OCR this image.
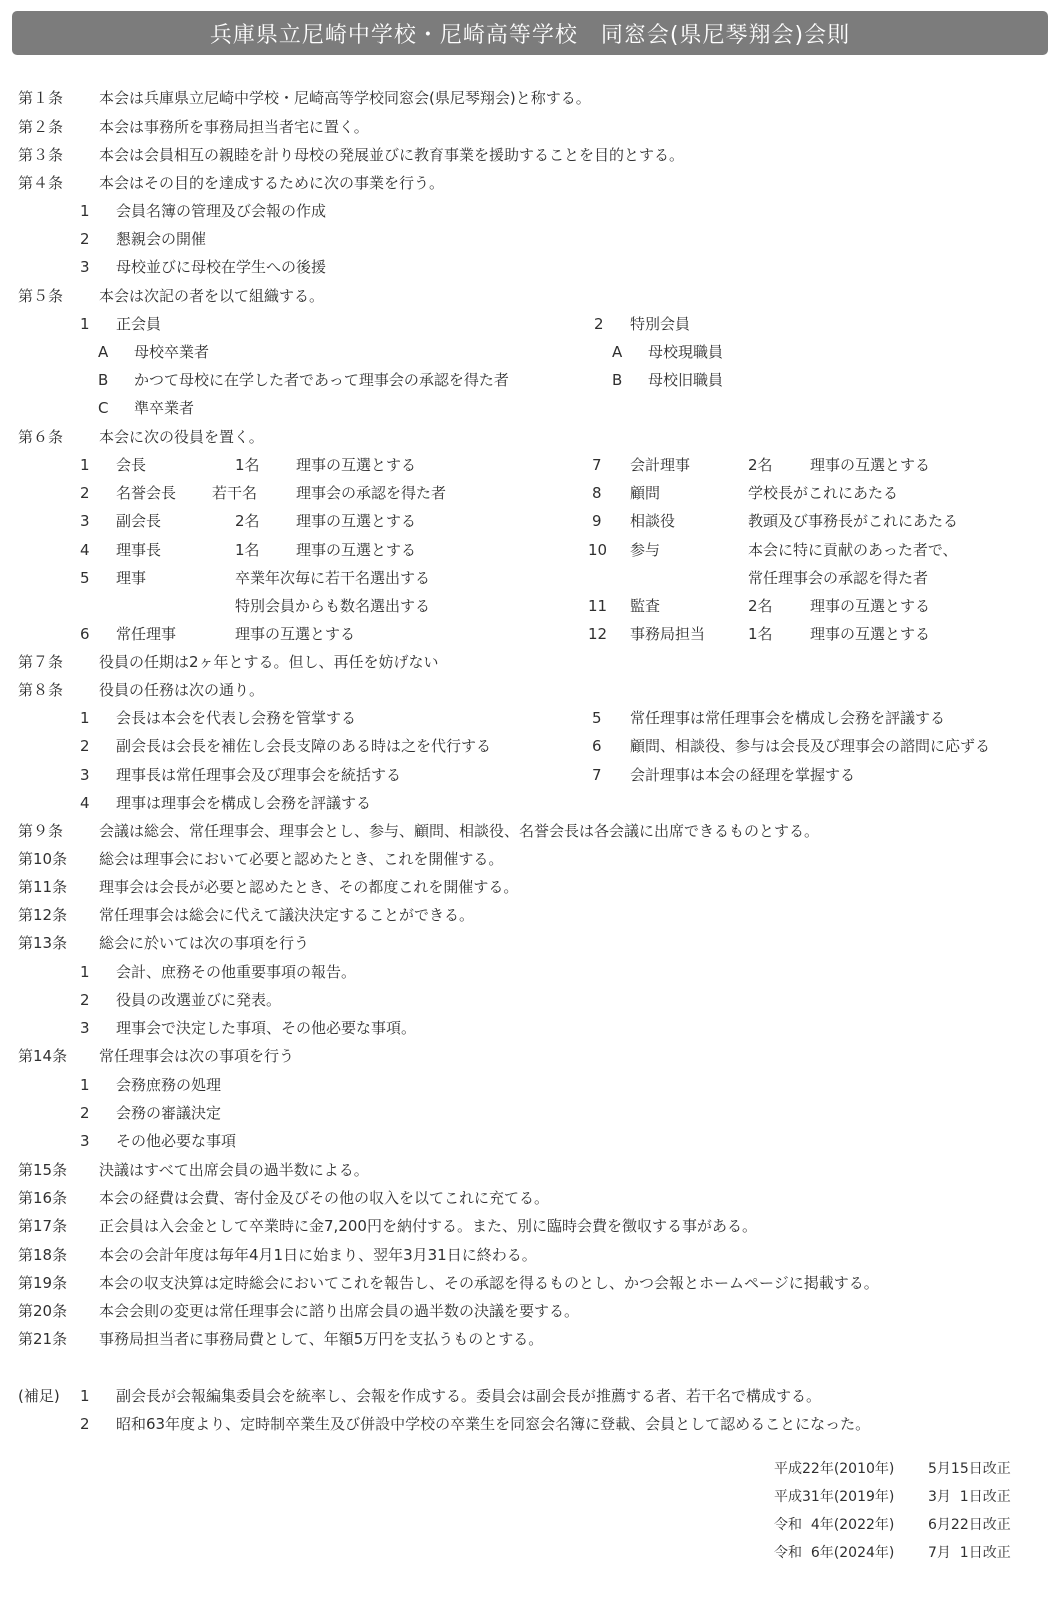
兵庫県立尼崎中学校・尼崎高等学校　同窓会(県尼琴翔会)会則
第１条 本会は兵庫県立尼崎中学校・尼崎高等学校同窓会(県尼琴翔会)と称する。
第２条 本会は事務所を事務局担当者宅に置く。
第３条 本会は会員相互の親睦を計り母校の発展並びに教育事業を援助することを目的とする。
第４条 本会はその目的を達成するために次の事業を行う。
1 会員名簿の管理及び会報の作成
2 懇親会の開催
3 母校並びに母校在学生への後援
第５条 本会は次記の者を以て組織する。
1 正会員
A 母校卒業者
B かつて母校に在学した者であって理事会の承認を得た者
C 準卒業者
2 特別会員
A 母校現職員
B 母校旧職員
第６条 本会に次の役員を置く。
1 会長	1名 理事の互選とする
2 名誉会長 若干名	理事会の承認を得た者
3 副会長	2名 理事の互選とする
4 理事長	1名 理事の互選とする
5 理事	卒業年次毎に若干名選出する
特別会員からも数名選出する
6 常任理事	理事の互選とする
7 会計理事	2名 理事の互選とする
8 顧問	学校長がこれにあたる
9 相談役	教頭及び事務長がこれにあたる
10 参与	本会に特に貢献のあった者で、
常任理事会の承認を得た者
11 監査	2名 理事の互選とする
12 事務局担当	1名 理事の互選とする
第７条 役員の任期は2ヶ年とする。但し、再任を妨げない
第８条 役員の任務は次の通り。
1 会長は本会を代表し会務を管掌する
2 副会長は会長を補佐し会長支障のある時は之を代行する
3 理事長は常任理事会及び理事会を統括する
4 理事は理事会を構成し会務を評議する
5 常任理事は常任理事会を構成し会務を評議する
6 顧問、相談役、参与は会長及び理事会の諮問に応ずる
7 会計理事は本会の経理を掌握する
第９条 会議は総会、常任理事会、理事会とし、参与、顧問、相談役、名誉会長は各会議に出席できるものとする。
第10条 総会は理事会において必要と認めたとき、これを開催する。
第11条 理事会は会長が必要と認めたとき、その都度これを開催する。
第12条 常任理事会は総会に代えて議決決定することができる。
第13条 総会に於いては次の事項を行う
1 会計、庶務その他重要事項の報告。
2 役員の改選並びに発表。
3 理事会で決定した事項、その他必要な事項。
第14条 常任理事会は次の事項を行う
1 会務庶務の処理
2 会務の審議決定
3 その他必要な事項
第15条 決議はすべて出席会員の過半数による。
第16条 本会の経費は会費、寄付金及びその他の収入を以てこれに充てる。
第17条 正会員は入会金として卒業時に金7,200円を納付する。また、別に臨時会費を徴収する事がある。
第18条 本会の会計年度は毎年4月1日に始まり、翌年3月31日に終わる。
第19条 本会の収支決算は定時総会においてこれを報告し、その承認を得るものとし、かつ会報とホームページに掲載する。
第20条 本会会則の変更は常任理事会に諮り出席会員の過半数の決議を要する。
第21条 事務局担当者に事務局費として、年額5万円を支払うものとする。
(補足) 1 副会長が会報編集委員会を統率し、会報を作成する。委員会は副会長が推薦する者、若干名で構成する。
2 昭和63年度より、定時制卒業生及び併設中学校の卒業生を同窓会名簿に登載、会員として認めることになった。
平成22年(2010年) 5月15日改正
平成31年(2019年) 3月  1日改正
令和  4年(2022年) 6月22日改正
令和  6年(2024年) 7月  1日改正
